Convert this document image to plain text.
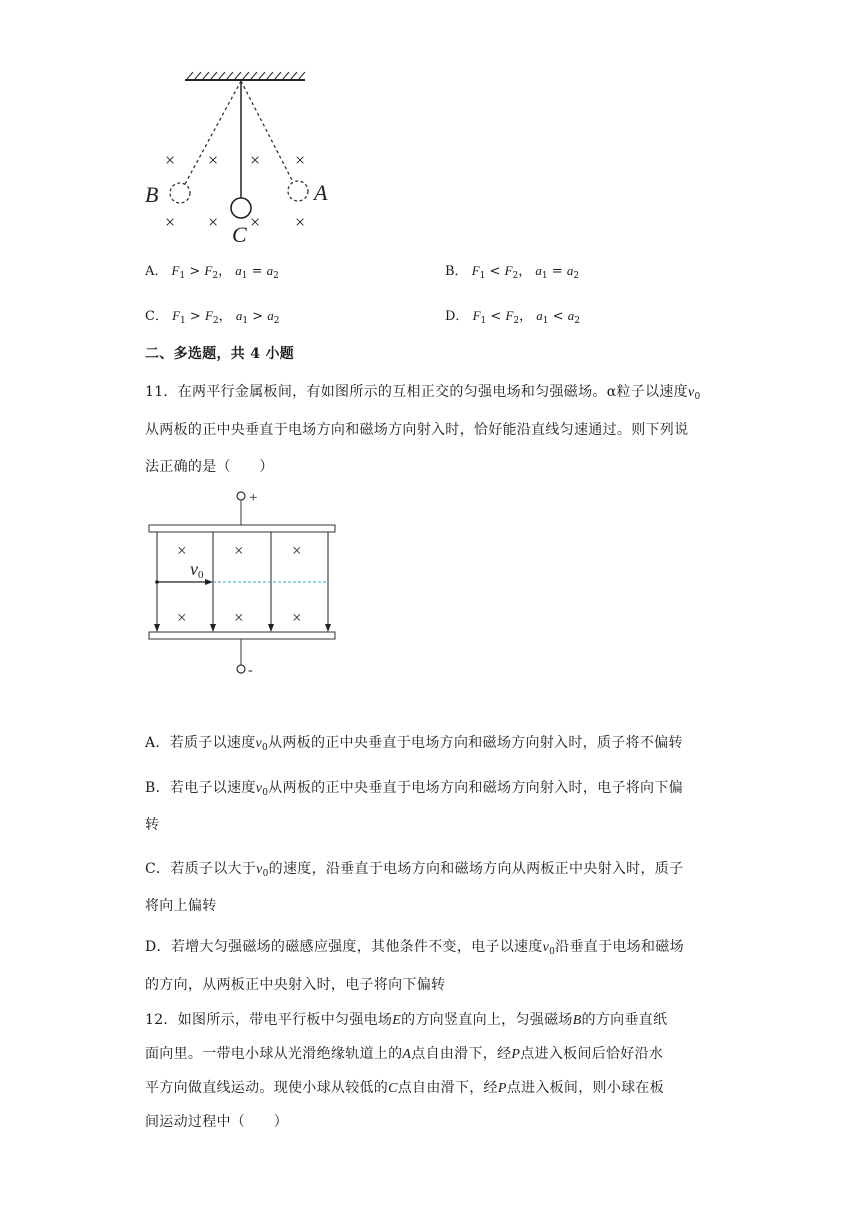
× × × ×
× × × ×
B	A
C
A． $F_1 > F_2$， $a_1 = a_2$	B． $F_1 < F_2$， $a_1 = a_2$
C． $F_1 > F_2$， $a_1 > a_2$	D． $F_1 < F_2$， $a_1 < a_2$
二、多选题，共 4 小题
11．在两平行金属板间，有如图所示的互相正交的匀强电场和匀强磁场。α粒子以速度$v_0$
从两板的正中央垂直于电场方向和磁场方向射入时，恰好能沿直线匀速通过。则下列说
法正确的是（　　）
+
-
v0
×	×	×
×	×	×
A．若质子以速度$v_0$从两板的正中央垂直于电场方向和磁场方向射入时，质子将不偏转
B．若电子以速度$v_0$从两板的正中央垂直于电场方向和磁场方向射入时，电子将向下偏
转
C．若质子以大于$v_0$的速度，沿垂直于电场方向和磁场方向从两板正中央射入时，质子
将向上偏转
D．若增大匀强磁场的磁感应强度，其他条件不变，电子以速度$v_0$沿垂直于电场和磁场
的方向，从两板正中央射入时，电子将向下偏转
12．如图所示，带电平行板中匀强电场E的方向竖直向上，匀强磁场B的方向垂直纸
面向里。一带电小球从光滑绝缘轨道上的A点自由滑下，经P点进入板间后恰好沿水
平方向做直线运动。现使小球从较低的C点自由滑下，经P点进入板间，则小球在板
间运动过程中（　　）
